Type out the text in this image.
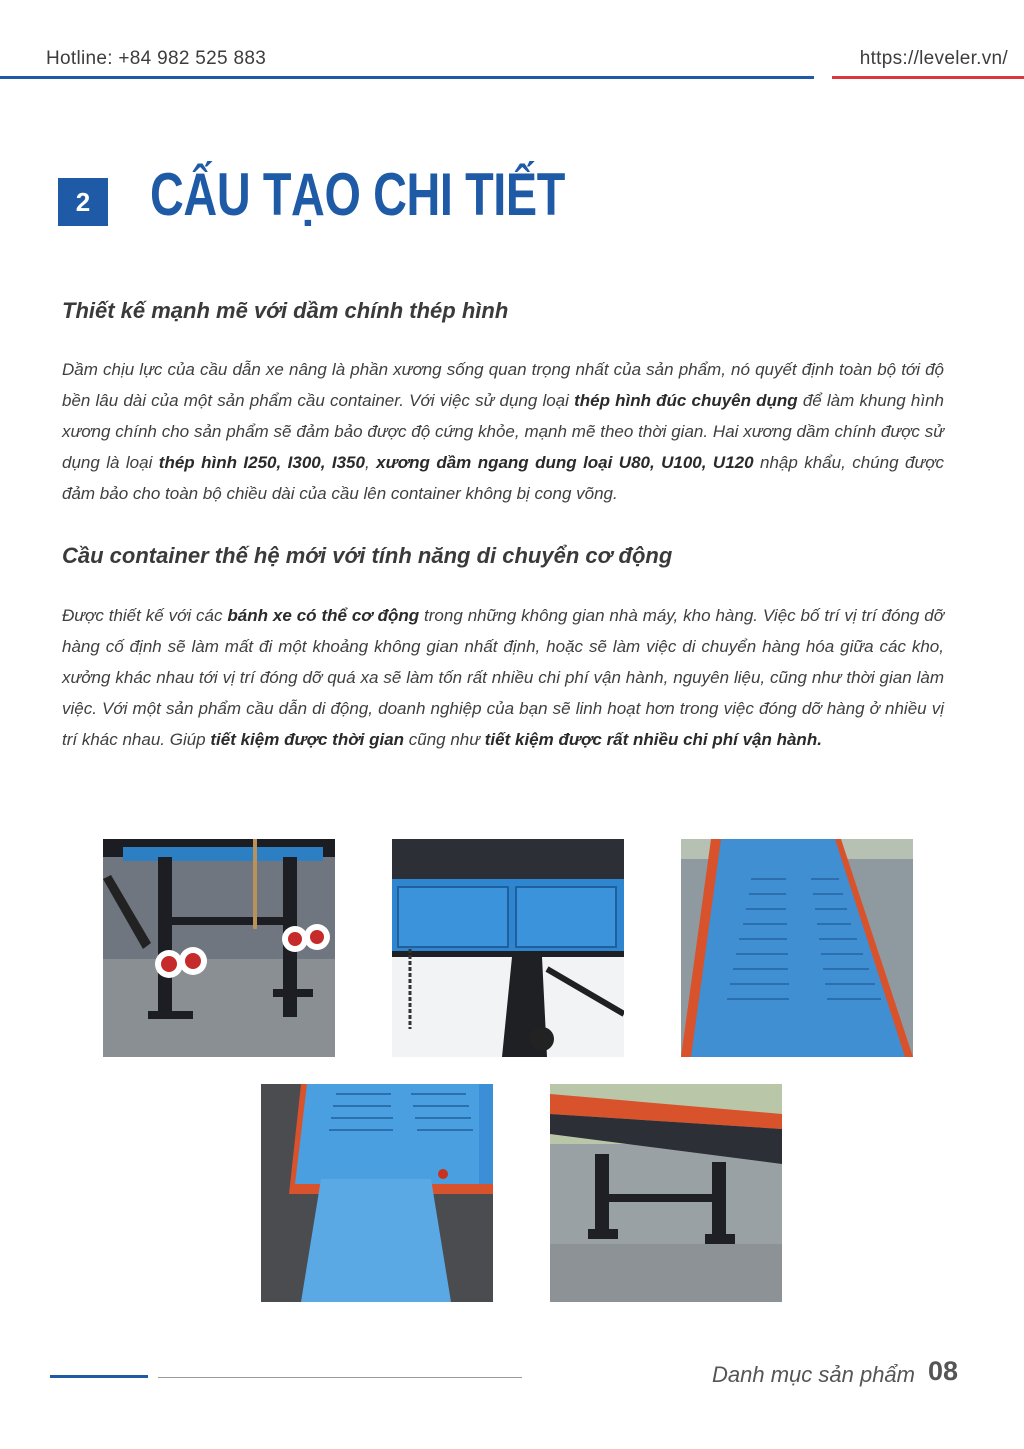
Hotline: +84 982 525 883	https://leveler.vn/
2 CẤU TẠO CHI TIẾT
Thiết kế mạnh mẽ với dầm chính thép hình

Dầm chịu lực của cầu dẫn xe nâng là phần xương sống quan trọng nhất của sản phẩm, nó quyết định toàn bộ tới độ bền lâu dài của một sản phẩm cầu container. Với việc sử dụng loại thép hình đúc chuyên dụng để làm khung hình xương chính cho sản phẩm sẽ đảm bảo được độ cứng khỏe, mạnh mẽ theo thời gian. Hai xương dầm chính được sử dụng là loại thép hình I250, I300, I350, xương dầm ngang dung loại U80, U100, U120 nhập khẩu, chúng được đảm bảo cho toàn bộ chiều dài của cầu lên container không bị cong võng.

Cầu container thế hệ mới với tính năng di chuyển cơ động

Được thiết kế với các bánh xe có thể cơ động trong những không gian nhà máy, kho hàng. Việc bố trí vị trí đóng dỡ hàng cố định sẽ làm mất đi một khoảng không gian nhất định, hoặc sẽ làm việc di chuyển hàng hóa giữa các kho, xưởng khác nhau tới vị trí đóng dỡ quá xa sẽ làm tốn rất nhiều chi phí vận hành, nguyên liệu, cũng như thời gian làm việc. Với một sản phẩm cầu dẫn di động, doanh nghiệp của bạn sẽ linh hoạt hơn trong việc đóng dỡ hàng ở nhiều vị trí khác nhau. Giúp tiết kiệm được thời gian cũng như tiết kiệm được rất nhiều chi phí vận hành.

Danh mục sản phẩm 08
